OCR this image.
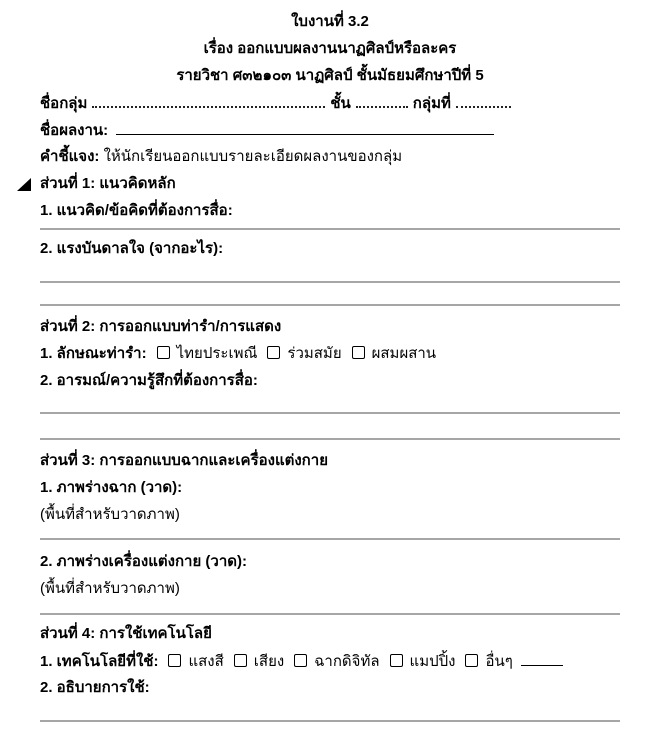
ใบงานที่ 3.2
เรื่อง ออกแบบผลงานนาฏศิลป์หรือละคร
รายวิชา ศ๓๒๑๐๓ นาฏศิลป์ ชั้นมัธยมศึกษาปีที่ 5
ชื่อกลุ่ม	ชั้น	กลุ่มที่
ชื่อผลงาน:
คำชี้แจง: ให้นักเรียนออกแบบรายละเอียดผลงานของกลุ่ม
ส่วนที่ 1: แนวคิดหลัก
1. แนวคิด/ข้อคิดที่ต้องการสื่อ:
2. แรงบันดาลใจ (จากอะไร):
ส่วนที่ 2: การออกแบบท่ารำ/การแสดง
1. ลักษณะท่ารำ: ไทยประเพณี ร่วมสมัย ผสมผสาน
2. อารมณ์/ความรู้สึกที่ต้องการสื่อ:
ส่วนที่ 3: การออกแบบฉากและเครื่องแต่งกาย
1. ภาพร่างฉาก (วาด):
(พื้นที่สำหรับวาดภาพ)
2. ภาพร่างเครื่องแต่งกาย (วาด):
(พื้นที่สำหรับวาดภาพ)
ส่วนที่ 4: การใช้เทคโนโลยี
1. เทคโนโลยีที่ใช้: แสงสี เสียง ฉากดิจิทัล แมปปิ้ง อื่นๆ
2. อธิบายการใช้:
